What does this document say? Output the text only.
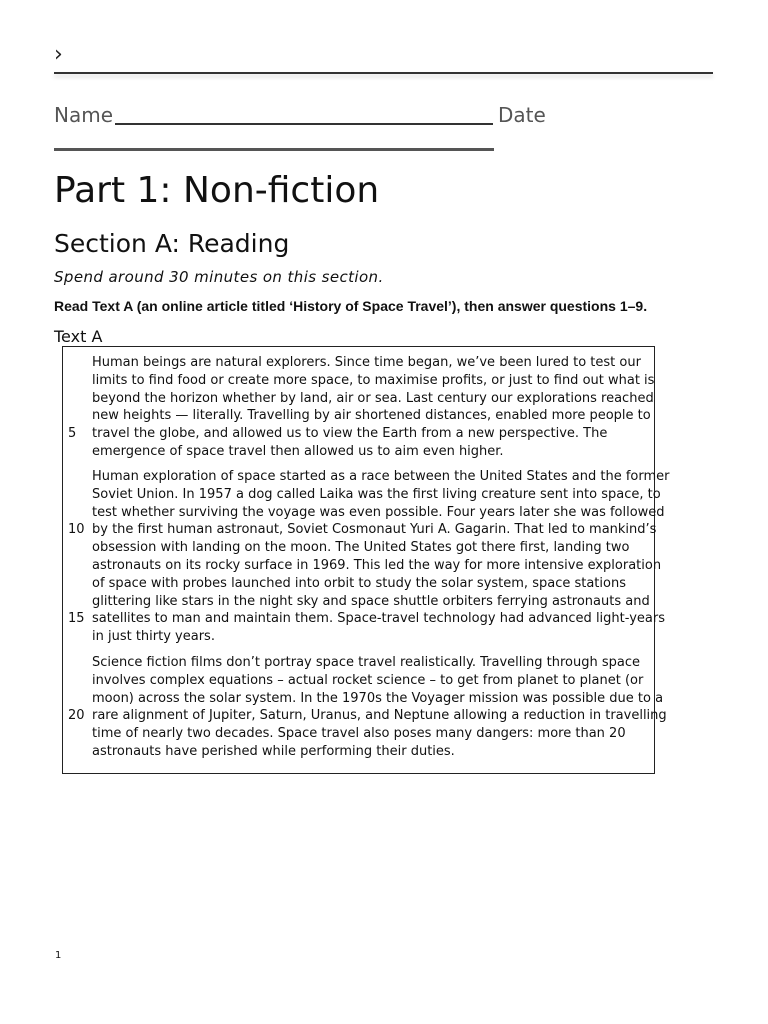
›
Name	Date
Part 1: Non-fiction
Section A: Reading
Spend around 30 minutes on this section.
Read Text A (an online article titled ‘History of Space Travel’), then answer questions 1–9.
Text A
Human beings are natural explorers. Since time began, we’ve been lured to test our
limits to find food or create more space, to maximise profits, or just to find out what is
beyond the horizon whether by land, air or sea. Last century our explorations reached
new heights — literally. Travelling by air shortened distances, enabled more people to
travel the globe, and allowed us to view the Earth from a new perspective. The
emergence of space travel then allowed us to aim even higher.
Human exploration of space started as a race between the United States and the former
Soviet Union. In 1957 a dog called Laika was the first living creature sent into space, to
test whether surviving the voyage was even possible. Four years later she was followed
by the first human astronaut, Soviet Cosmonaut Yuri A. Gagarin. That led to mankind’s
obsession with landing on the moon. The United States got there first, landing two
astronauts on its rocky surface in 1969. This led the way for more intensive exploration
of space with probes launched into orbit to study the solar system, space stations
glittering like stars in the night sky and space shuttle orbiters ferrying astronauts and
satellites to man and maintain them. Space-travel technology had advanced light-years
in just thirty years.
Science fiction films don’t portray space travel realistically. Travelling through space
involves complex equations – actual rocket science – to get from planet to planet (or
moon) across the solar system. In the 1970s the Voyager mission was possible due to a
rare alignment of Jupiter, Saturn, Uranus, and Neptune allowing a reduction in travelling
time of nearly two decades. Space travel also poses many dangers: more than 20
astronauts have perished while performing their duties.
5
10
15
20
1
